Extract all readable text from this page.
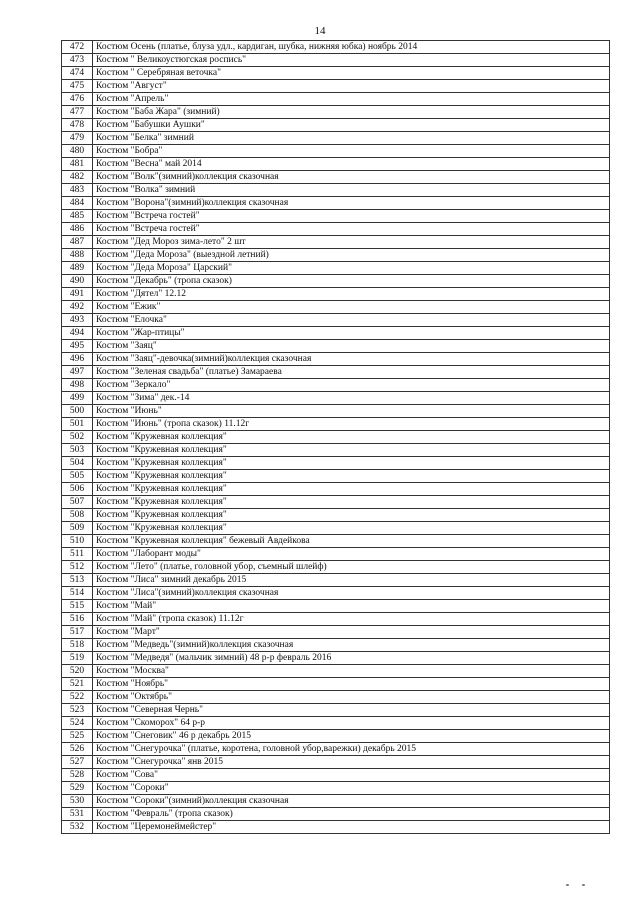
14
472	Костюм Осень (платье, блуза удл., кардиган, шубка, нижняя юбка) ноябрь 2014
473	Костюм " Великоустюгская роспись"
474	Костюм " Серебряная веточка"
475	Костюм "Август"
476	Костюм "Апрель"
477	Костюм "Баба Жара" (зимний)
478	Костюм "Бабушки Аушки"
479	Костюм "Белка" зимний
480	Костюм "Бобра"
481	Костюм "Весна" май 2014
482	Костюм "Волк"(зимний)коллекция сказочная
483	Костюм "Волка" зимний
484	Костюм "Ворона"(зимний)коллекция сказочная
485	Костюм "Встреча гостей"
486	Костюм "Встреча гостей"
487	Костюм "Дед Мороз зима-лето" 2 шт
488	Костюм "Деда Мороза" (выездной летний)
489	Костюм "Деда Мороза" Царский"
490	Костюм "Декабрь" (тропа сказок)
491	Костюм "Дятел" 12.12
492	Костюм "Ежик"
493	Костюм "Елочка"
494	Костюм "Жар-птицы"
495	Костюм "Заяц"
496	Костюм "Заяц"-девочка(зимний)коллекция сказочная
497	Костюм "Зеленая свадьба" (платье) Замараева
498	Костюм "Зеркало"
499	Костюм "Зима" дек.-14
500	Костюм "Июнь"
501	Костюм "Июнь" (тропа сказок) 11.12г
502	Костюм "Кружевная коллекция"
503	Костюм "Кружевная коллекция"
504	Костюм "Кружевная коллекция"
505	Костюм "Кружевная коллекция"
506	Костюм "Кружевная коллекция"
507	Костюм "Кружевная коллекция"
508	Костюм "Кружевная коллекция"
509	Костюм "Кружевная коллекция"
510	Костюм "Кружевная коллекция" бежевый Авдейкова
511	Костюм "Лаборант моды"
512	Костюм "Лето" (платье, головной убор, съемный шлейф)
513	Костюм "Лиса" зимний декабрь 2015
514	Костюм "Лиса"(зимний)коллекция сказочная
515	Костюм "Май"
516	Костюм "Май" (тропа сказок) 11.12г
517	Костюм "Март"
518	Костюм "Медведь"(зимний)коллекция сказочная
519	Костюм "Медведя" (мальчик зимний) 48 р-р февраль 2016
520	Костюм "Москва"
521	Костюм "Ноябрь"
522	Костюм "Октябрь"
523	Костюм "Северная Чернь"
524	Костюм "Скоморох" 64 р-р
525	Костюм "Снеговик" 46 р декабрь 2015
526	Костюм "Снегурочка" (платье, коротена, головной убор,варежки) декабрь 2015
527	Костюм "Снегурочка" янв 2015
528	Костюм "Сова"
529	Костюм "Сороки"
530	Костюм "Сороки"(зимний)коллекция сказочная
531	Костюм "Февраль" (тропа сказок)
532	Костюм "Церемонеймейстер"
